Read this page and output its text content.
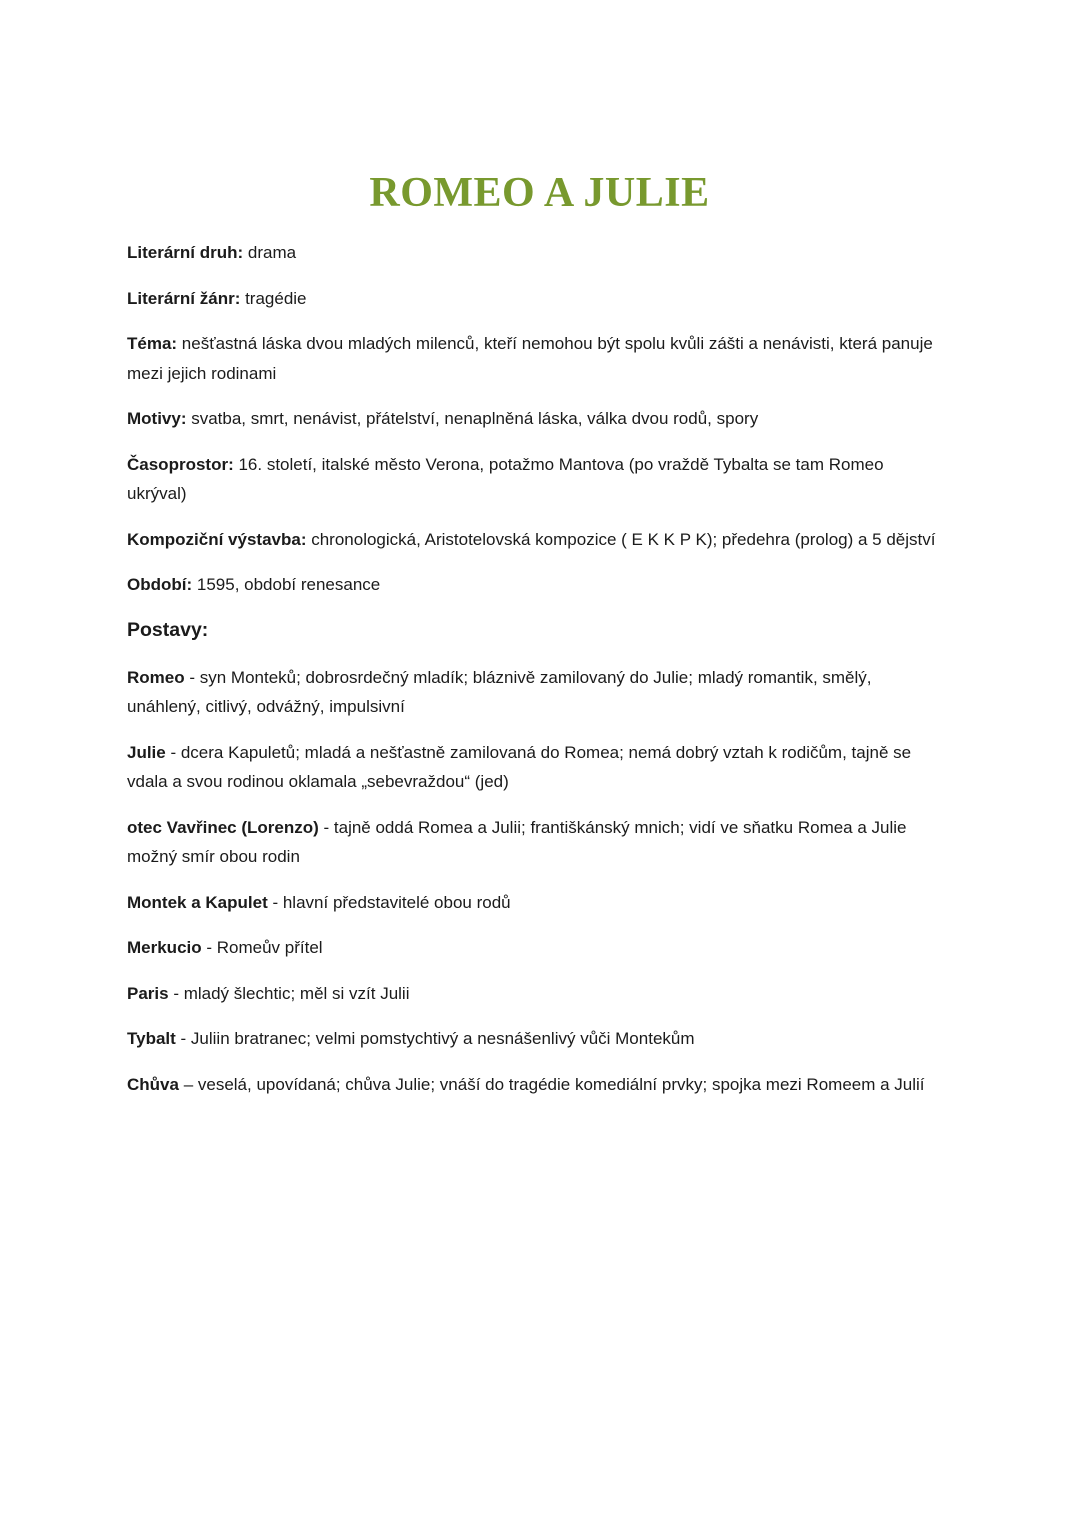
ROMEO A JULIE

Literární druh: drama

Literární žánr: tragédie

Téma: nešťastná láska dvou mladých milenců, kteří nemohou být spolu kvůli zášti a nenávisti, která panuje mezi jejich rodinami

Motivy: svatba, smrt, nenávist, přátelství, nenaplněná láska, válka dvou rodů, spory

Časoprostor: 16. století, italské město Verona, potažmo Mantova (po vraždě Tybalta se tam Romeo ukrýval)

Kompoziční výstavba: chronologická, Aristotelovská kompozice ( E K K P K); předehra (prolog) a 5 dějství

Období: 1595, období renesance

Postavy:

Romeo - syn Monteků; dobrosrdečný mladík; bláznivě zamilovaný do Julie; mladý romantik, smělý, unáhlený, citlivý, odvážný, impulsivní

Julie - dcera Kapuletů; mladá a nešťastně zamilovaná do Romea; nemá dobrý vztah k rodičům, tajně se vdala a svou rodinou oklamala „sebevraždou“ (jed)

otec Vavřinec (Lorenzo) - tajně oddá Romea a Julii; františkánský mnich; vidí ve sňatku Romea a Julie možný smír obou rodin

Montek a Kapulet - hlavní představitelé obou rodů

Merkucio - Romeův přítel

Paris - mladý šlechtic; měl si vzít Julii

Tybalt - Juliin bratranec; velmi pomstychtivý a nesnášenlivý vůči Montekům

Chůva – veselá, upovídaná; chůva Julie; vnáší do tragédie komediální prvky; spojka mezi Romeem a Julií
